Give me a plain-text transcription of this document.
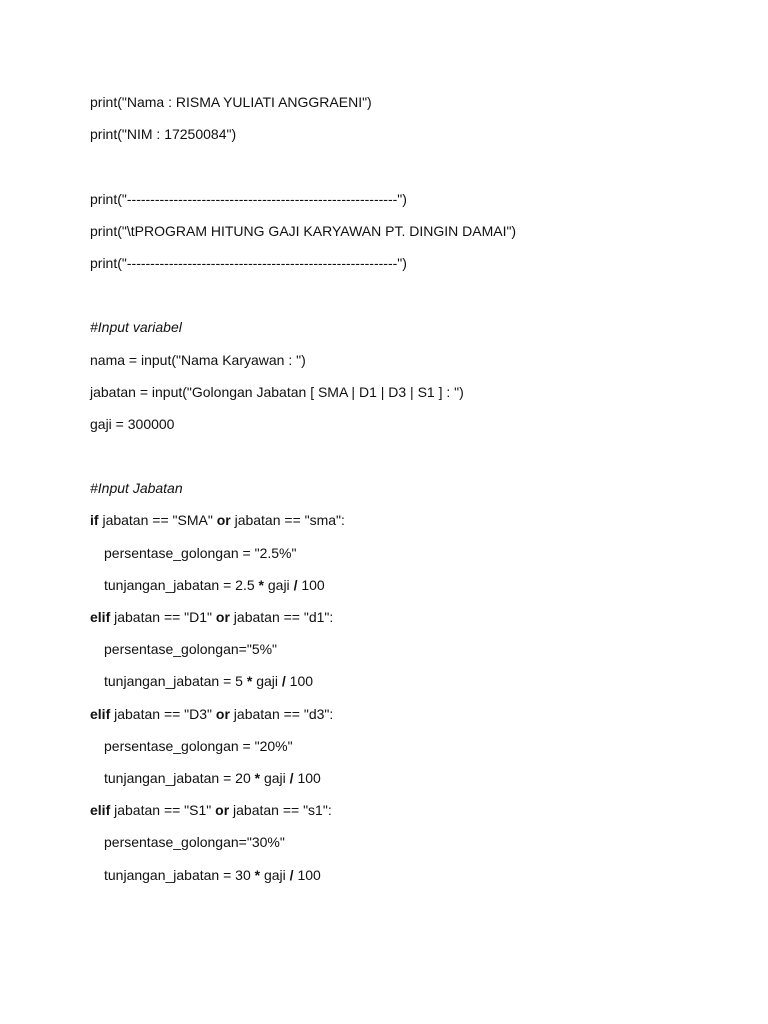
print("Nama : RISMA YULIATI ANGGRAENI")
print("NIM : 17250084")
print("----------------------------------------------------------")
print("\tPROGRAM HITUNG GAJI KARYAWAN PT. DINGIN DAMAI")
print("----------------------------------------------------------")
#Input variabel
nama = input("Nama Karyawan : ")
jabatan = input("Golongan Jabatan [ SMA | D1 | D3 | S1 ] : ")
gaji = 300000
#Input Jabatan
if jabatan == "SMA" or jabatan == "sma":
persentase_golongan = "2.5%"
tunjangan_jabatan = 2.5 * gaji / 100
elif jabatan == "D1" or jabatan == "d1":
persentase_golongan="5%"
tunjangan_jabatan = 5 * gaji / 100
elif jabatan == "D3" or jabatan == "d3":
persentase_golongan = "20%"
tunjangan_jabatan = 20 * gaji / 100
elif jabatan == "S1" or jabatan == "s1":
persentase_golongan="30%"
tunjangan_jabatan = 30 * gaji / 100
